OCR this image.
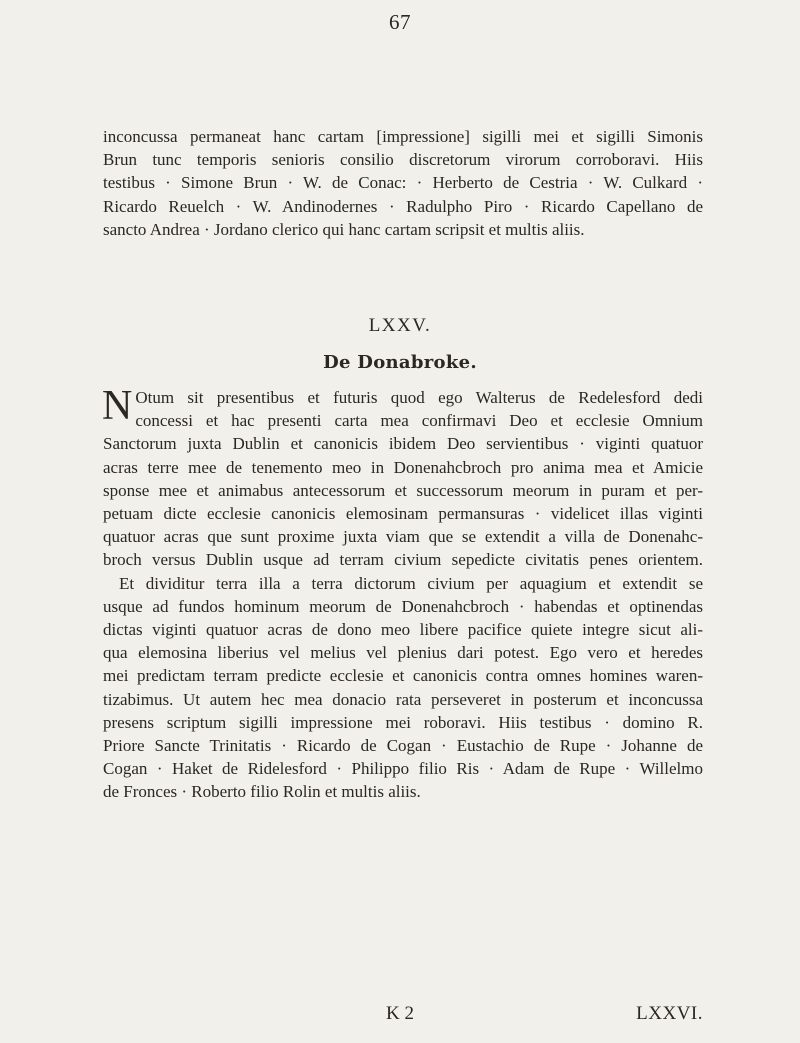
67
inconcussa permaneat hanc cartam [impressione] sigilli mei et sigilli Simonis
Brun tunc temporis senioris consilio discretorum virorum corroboravi. Hiis
testibus · Simone Brun · W. de Conac: · Herberto de Cestria · W. Culkard ·
Ricardo Reuelch · W. Andinodernes · Radulpho Piro · Ricardo Capellano de
sancto Andrea · Jordano clerico qui hanc cartam scripsit et multis aliis.
LXXV.
De Donabroke.
N Otum sit presentibus et futuris quod ego Walterus de Redelesford dedi
concessi et hac presenti carta mea confirmavi Deo et ecclesie Omnium
Sanctorum juxta Dublin et canonicis ibidem Deo servientibus · viginti quatuor
acras terre mee de tenemento meo in Donenahcbroch pro anima mea et Amicie
sponse mee et animabus antecessorum et successorum meorum in puram et per-
petuam dicte ecclesie canonicis elemosinam permansuras · videlicet illas viginti
quatuor acras que sunt proxime juxta viam que se extendit a villa de Donenahc-
broch versus Dublin usque ad terram civium sepedicte civitatis penes orientem.
Et dividitur terra illa a terra dictorum civium per aquagium et extendit se
usque ad fundos hominum meorum de Donenahcbroch · habendas et optinendas
dictas viginti quatuor acras de dono meo libere pacifice quiete integre sicut ali-
qua elemosina liberius vel melius vel plenius dari potest. Ego vero et heredes
mei predictam terram predicte ecclesie et canonicis contra omnes homines waren-
tizabimus. Ut autem hec mea donacio rata perseveret in posterum et inconcussa
presens scriptum sigilli impressione mei roboravi. Hiis testibus · domino R.
Priore Sancte Trinitatis · Ricardo de Cogan · Eustachio de Rupe · Johanne de
Cogan · Haket de Ridelesford · Philippo filio Ris · Adam de Rupe · Willelmo
de Fronces · Roberto filio Rolin et multis aliis.
K 2	LXXVI.
